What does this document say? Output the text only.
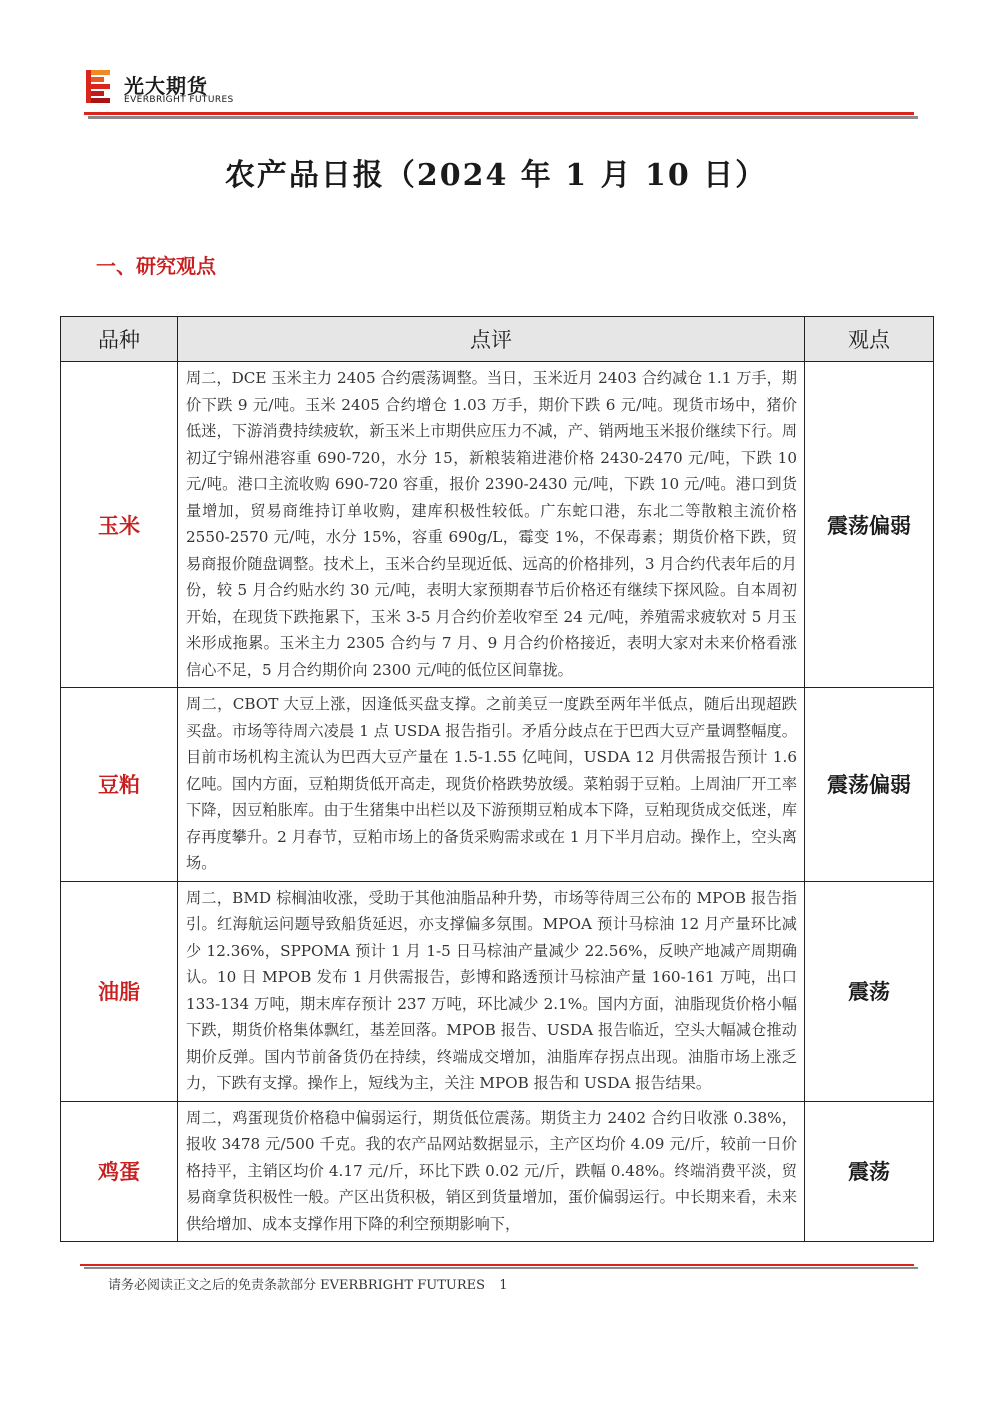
光大期货
EVERBRIGHT FUTURES
农产品日报（2024 年 1 月 10 日）
一、研究观点
品种	点评	观点
玉米	周二，DCE 玉米主力 2405 合约震荡调整。当日，玉米近月 2403 合约减仓 1.1 万手，期价下跌 9 元/吨。玉米 2405 合约增仓 1.03 万手，期价下跌 6 元/吨。现货市场中，猪价低迷，下游消费持续疲软，新玉米上市期供应压力不减，产、销两地玉米报价继续下行。周初辽宁锦州港容重 690-720，水分 15，新粮装箱进港价格 2430-2470 元/吨，下跌 10 元/吨。港口主流收购 690-720 容重，报价 2390-2430 元/吨，下跌 10 元/吨。港口到货量增加，贸易商维持订单收购，建库积极性较低。广东蛇口港，东北二等散粮主流价格 2550-2570 元/吨，水分 15%，容重 690g/L，霉变 1%，不保毒素；期货价格下跌，贸易商报价随盘调整。技术上，玉米合约呈现近低、远高的价格排列，3 月合约代表年后的月份，较 5 月合约贴水约 30 元/吨，表明大家预期春节后价格还有继续下探风险。自本周初开始，在现货下跌拖累下，玉米 3-5 月合约价差收窄至 24 元/吨，养殖需求疲软对 5 月玉米形成拖累。玉米主力 2305 合约与 7 月、9 月合约价格接近，表明大家对未来价格看涨信心不足，5 月合约期价向 2300 元/吨的低位区间靠拢。	震荡偏弱
豆粕	周二，CBOT 大豆上涨，因逢低买盘支撑。之前美豆一度跌至两年半低点，随后出现超跌买盘。市场等待周六凌晨 1 点 USDA 报告指引。矛盾分歧点在于巴西大豆产量调整幅度。目前市场机构主流认为巴西大豆产量在 1.5-1.55 亿吨间，USDA 12 月供需报告预计 1.6 亿吨。国内方面，豆粕期货低开高走，现货价格跌势放缓。菜粕弱于豆粕。上周油厂开工率下降，因豆粕胀库。由于生猪集中出栏以及下游预期豆粕成本下降，豆粕现货成交低迷，库存再度攀升。2 月春节，豆粕市场上的备货采购需求或在 1 月下半月启动。操作上，空头离场。	震荡偏弱
油脂	周二，BMD 棕榈油收涨，受助于其他油脂品种升势，市场等待周三公布的 MPOB 报告指引。红海航运问题导致船货延迟，亦支撑偏多氛围。MPOA 预计马棕油 12 月产量环比减少 12.36%，SPPOMA 预计 1 月 1-5 日马棕油产量减少 22.56%，反映产地减产周期确认。10 日 MPOB 发布 1 月供需报告，彭博和路透预计马棕油产量 160-161 万吨，出口 133-134 万吨，期末库存预计 237 万吨，环比减少 2.1%。国内方面，油脂现货价格小幅下跌，期货价格集体飘红，基差回落。MPOB 报告、USDA 报告临近，空头大幅减仓推动期价反弹。国内节前备货仍在持续，终端成交增加，油脂库存拐点出现。油脂市场上涨乏力，下跌有支撑。操作上，短线为主，关注 MPOB 报告和 USDA 报告结果。	震荡
鸡蛋	周二，鸡蛋现货价格稳中偏弱运行，期货低位震荡。期货主力 2402 合约日收涨 0.38%，报收 3478 元/500 千克。我的农产品网站数据显示，主产区均价 4.09 元/斤，较前一日价格持平，主销区均价 4.17 元/斤，环比下跌 0.02 元/斤，跌幅 0.48%。终端消费平淡，贸易商拿货积极性一般。产区出货积极，销区到货量增加，蛋价偏弱运行。中长期来看，未来供给增加、成本支撑作用下降的利空预期影响下，	震荡
请务必阅读正文之后的免责条款部分 EVERBRIGHT FUTURES 1
